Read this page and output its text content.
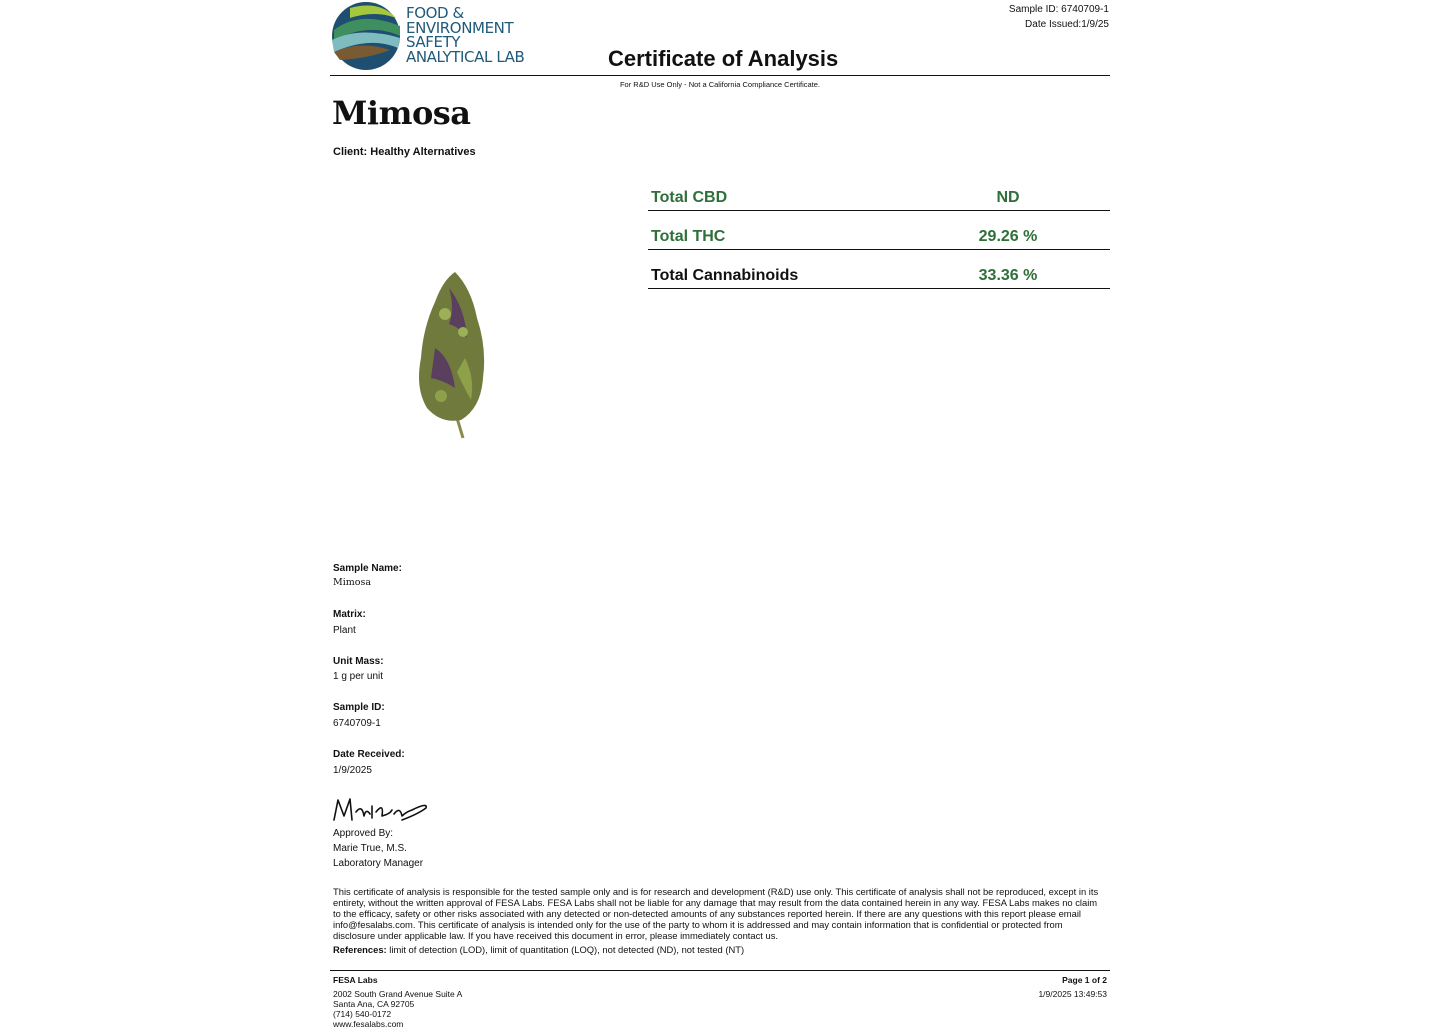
FOOD &
ENVIRONMENT
SAFETY
ANALYTICAL LAB
Sample ID: 6740709-1
Date Issued:1/9/25
Certificate of Analysis
For R&D Use Only - Not a California Compliance Certificate.
Mimosa
Client: Healthy Alternatives
Total CBD	ND
Total THC	29.26 %
Total Cannabinoids	33.36 %
Sample Name:
Mimosa
Matrix:
Plant
Unit Mass:
1 g per unit
Sample ID:
6740709-1
Date Received:
1/9/2025
Approved By:
Marie True, M.S.
Laboratory Manager
This certificate of analysis is responsible for the tested sample only and is for research and development (R&D) use only. This certificate of analysis shall not be reproduced, except in its entirety, without the written approval of FESA Labs. FESA Labs shall not be liable for any damage that may result from the data contained herein in any way. FESA Labs makes no claim to the efficacy, safety or other risks associated with any detected or non-detected amounts of any substances reported herein. If there are any questions with this report please email info@fesalabs.com. This certificate of analysis is intended only for the use of the party to whom it is addressed and may contain information that is confidential or protected from disclosure under applicable law. If you have received this document in error, please immediately contact us.
References: limit of detection (LOD), limit of quantitation (LOQ), not detected (ND), not tested (NT)
FESA Labs
2002 South Grand Avenue Suite A
Santa Ana, CA 92705
(714) 540-0172
www.fesalabs.com
Page 1 of 2
1/9/2025 13:49:53
